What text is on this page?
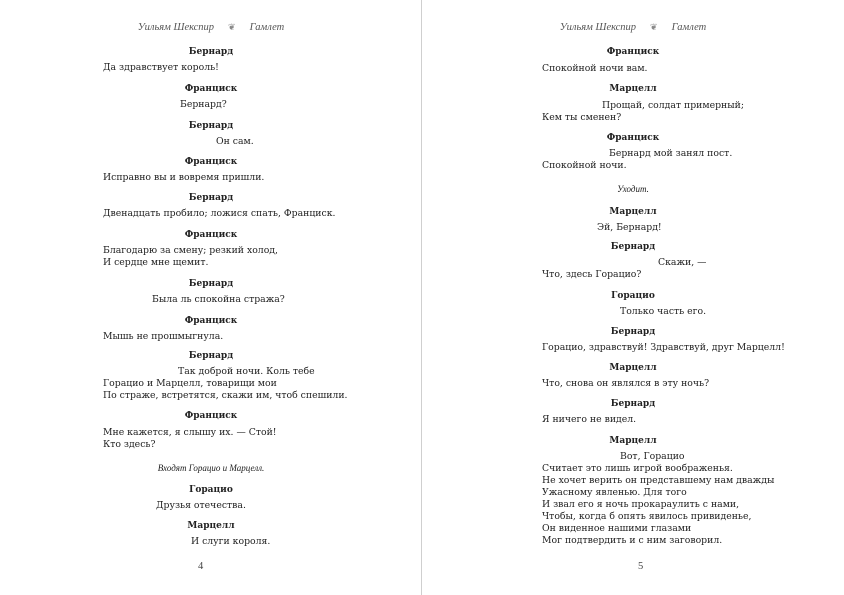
Уильям Шекспир ❦ Гамлет
Бернард
Да здравствует король!
Франциск
Бернард?
Бернард
Он сам.
Франциск
Исправно вы и вовремя пришли.
Бернард
Двенадцать пробило; ложися спать, Франциск.
Франциск
Благодарю за смену; резкий холод,
И сердце мне щемит.
Бернард
Была ль спокойна стража?
Франциск
Мышь не прошмыгнула.
Бернард
Так доброй ночи. Коль тебе
Горацио и Марцелл, товарищи мои
По страже, встретятся, скажи им, чтоб спешили.
Франциск
Мне кажется, я слышу их. — Стой!
Кто здесь?
Входят Горацио и Марцелл.
Горацио
Друзья отечества.
Марцелл
И слуги короля.
4
Уильям Шекспир ❦ Гамлет
Франциск
Спокойной ночи вам.
Марцелл
Прощай, солдат примерный;
Кем ты сменен?
Франциск
Бернард мой занял пост.
Спокойной ночи.
Уходит.
Марцелл
Эй, Бернард!
Бернард
Скажи, —
Что, здесь Горацио?
Горацио
Только часть его.
Бернард
Горацио, здравствуй! Здравствуй, друг Марцелл!
Марцелл
Что, снова он являлся в эту ночь?
Бернард
Я ничего не видел.
Марцелл
Вот, Горацио
Считает это лишь игрой воображенья.
Не хочет верить он представшему нам дважды
Ужасному явленью. Для того
И звал его я ночь прокараулить с нами,
Чтобы, когда б опять явилось привиденье,
Он виденное нашими глазами
Мог подтвердить и с ним заговорил.
5
